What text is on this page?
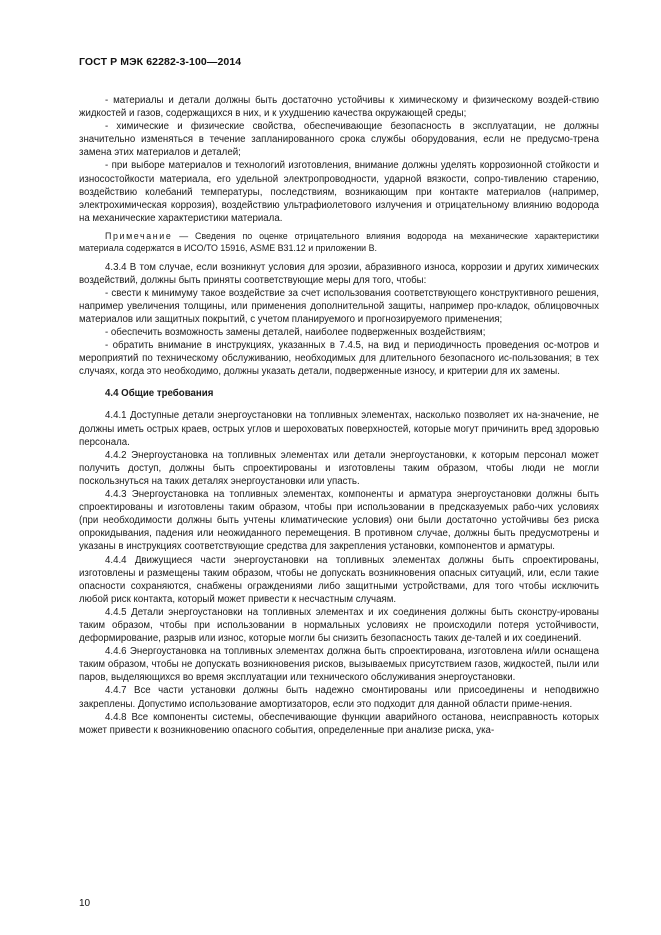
ГОСТ Р МЭК 62282-3-100—2014

- материалы и детали должны быть достаточно устойчивы к химическому и физическому воздей-ствию жидкостей и газов, содержащихся в них, и к ухудшению качества окружающей среды;

- химические и физические свойства, обеспечивающие безопасность в эксплуатации, не должны значительно изменяться в течение запланированного срока службы оборудования, если не предусмо-трена замена этих материалов и деталей;

- при выборе материалов и технологий изготовления, внимание должны уделять коррозионной стойкости и износостойкости материала, его удельной электропроводности, ударной вязкости, сопро-тивлению старению, воздействию колебаний температуры, последствиям, возникающим при контакте материалов (например, электрохимическая коррозия), воздействию ультрафиолетового излучения и отрицательному влиянию водорода на механические характеристики материала.

Примечание — Сведения по оценке отрицательного влияния водорода на механические характеристики материала содержатся в ИСО/ТО 15916, ASME B31.12 и приложении В.

4.3.4 В том случае, если возникнут условия для эрозии, абразивного износа, коррозии и других химических воздействий, должны быть приняты соответствующие меры для того, чтобы:

- свести к минимуму такое воздействие за счет использования соответствующего конструктивного решения, например увеличения толщины, или применения дополнительной защиты, например про-кладок, облицовочных материалов или защитных покрытий, с учетом планируемого и прогнозируемого применения;

- обеспечить возможность замены деталей, наиболее подверженных воздействиям;

- обратить внимание в инструкциях, указанных в 7.4.5, на вид и периодичность проведения ос-мотров и мероприятий по техническому обслуживанию, необходимых для длительного безопасного ис-пользования; в тех случаях, когда это необходимо, должны указать детали, подверженные износу, и критерии для их замены.

4.4 Общие требования

4.4.1 Доступные детали энергоустановки на топливных элементах, насколько позволяет их на-значение, не должны иметь острых краев, острых углов и шероховатых поверхностей, которые могут причинить вред здоровью персонала.

4.4.2 Энергоустановка на топливных элементах или детали энергоустановки, к которым персонал может получить доступ, должны быть спроектированы и изготовлены таким образом, чтобы люди не могли поскользнуться на таких деталях энергоустановки или упасть.

4.4.3 Энергоустановка на топливных элементах, компоненты и арматура энергоустановки должны быть спроектированы и изготовлены таким образом, чтобы при использовании в предсказуемых рабо-чих условиях (при необходимости должны быть учтены климатические условия) они были достаточно устойчивы без риска опрокидывания, падения или неожиданного перемещения. В противном случае, должны быть предусмотрены и указаны в инструкциях соответствующие средства для закрепления установки, компонентов и арматуры.

4.4.4 Движущиеся части энергоустановки на топливных элементах должны быть спроектированы, изготовлены и размещены таким образом, чтобы не допускать возникновения опасных ситуаций, или, если такие опасности сохраняются, снабжены ограждениями либо защитными устройствами, для того чтобы исключить любой риск контакта, который может привести к несчастным случаям.

4.4.5 Детали энергоустановки на топливных элементах и их соединения должны быть сконстру-ированы таким образом, чтобы при использовании в нормальных условиях не происходили потеря устойчивости, деформирование, разрыв или износ, которые могли бы снизить безопасность таких де-талей и их соединений.

4.4.6 Энергоустановка на топливных элементах должна быть спроектирована, изготовлена и/или оснащена таким образом, чтобы не допускать возникновения рисков, вызываемых присутствием газов, жидкостей, пыли или паров, выделяющихся во время эксплуатации или технического обслуживания энергоустановки.

4.4.7 Все части установки должны быть надежно смонтированы или присоединены и неподвижно закреплены. Допустимо использование амортизаторов, если это подходит для данной области приме-нения.

4.4.8 Все компоненты системы, обеспечивающие функции аварийного останова, неисправность которых может привести к возникновению опасного события, определенные при анализе риска, ука-

10
